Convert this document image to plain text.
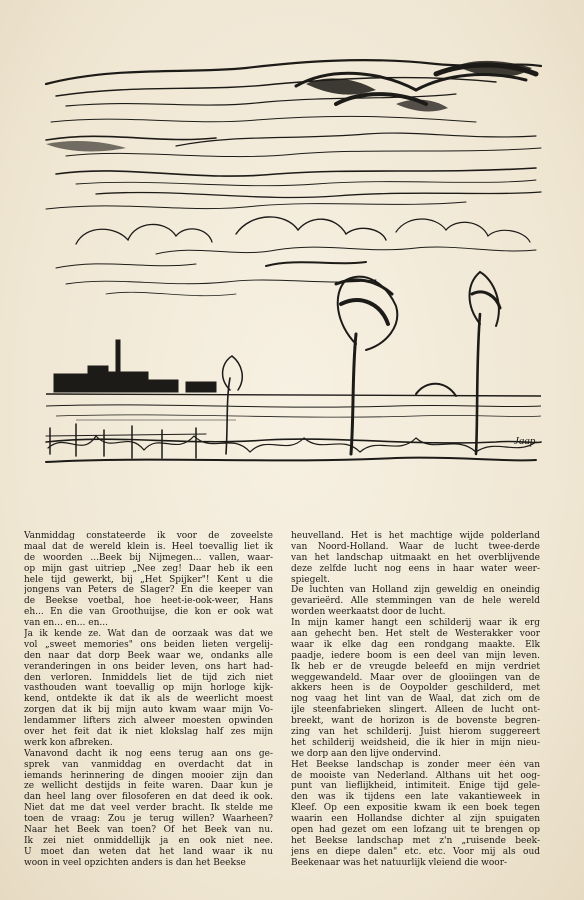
Jaap
Vanmiddag constateerde ik voor de zoveelste
maal dat de wereld klein is. Heel toevallig liet ik
de woorden ...Beek bij Nijmegen... vallen, waar-
op mijn gast uitriep „Nee zeg! Daar heb ik een
hele tijd gewerkt, bij „Het Spijker"! Kent u die
jongens van Peters de Slager? En die keeper van
de Beekse voetbal, hoe heet-ie-ook-weer, Hans
eh... En die van Groothuijse, die kon er ook wat
van en... en... en...
Ja ik kende ze. Wat dan de oorzaak was dat we
vol „sweet memories" ons beiden lieten vergelij-
den naar dat dorp Beek waar we, ondanks alle
veranderingen in ons beider leven, ons hart had-
den verloren. Inmiddels liet de tijd zich niet
vasthouden want toevallig op mijn horloge kijk-
kend, ontdekte ik dat ik als de weerlicht moest
zorgen dat ik bij mijn auto kwam waar mijn Vo-
lendammer lifters zich alweer moesten opwinden
over het feit dat ik niet klokslag half zes mijn
werk kon afbreken.
Vanavond dacht ik nog eens terug aan ons ge-
sprek van vanmiddag en overdacht dat in
iemands herinnering de dingen mooier zijn dan
ze wellicht destijds in feite waren. Daar kun je
dan heel lang over filosoferen en dat deed ik ook.
Niet dat me dat veel verder bracht. Ik stelde me
toen de vraag: Zou je terug willen? Waarheen?
Naar het Beek van toen? Of het Beek van nu.
Ik zei niet onmiddellijk ja en ook niet nee.
U moet dan weten dat het land waar ik nu
woon in veel opzichten anders is dan het Beekse
heuvelland. Het is het machtige wijde polderland
van Noord-Holland. Waar de lucht twee-derde
van het landschap uitmaakt en het overblijvende
deze zelfde lucht nog eens in haar water weer-
spiegelt.
De luchten van Holland zijn geweldig en oneindig
gevarieërd. Alle stemmingen van de hele wereld
worden weerkaatst door de lucht.
In mijn kamer hangt een schilderij waar ik erg
aan gehecht ben. Het stelt de Westerakker voor
waar ik elke dag een rondgang maakte. Elk
paadje, iedere boom is een deel van mijn leven.
Ik heb er de vreugde beleefd en mijn verdriet
weggewandeld. Maar over de glooiingen van de
akkers heen is de Ooypolder geschilderd, met
nog vaag het lint van de Waal, dat zich om de
ijle steenfabrieken slingert. Alleen de lucht ont-
breekt, want de horizon is de bovenste begren-
zing van het schilderij. Juist hierom suggereert
het schilderij weidsheid, die ik hier in mijn nieu-
we dorp aan den lijve ondervind.
Het Beekse landschap is zonder meer één van
de mooiste van Nederland. Althans uit het oog-
punt van lieflijkheid, intimiteit. Enige tijd gele-
den was ik tijdens een late vakantieweek in
Kleef. Op een expositie kwam ik een boek tegen
waarin een Hollandse dichter al zijn spuigaten
open had gezet om een lofzang uit te brengen op
het Beekse landschap met z'n „ruisende beek-
jens en diepe dalen" etc. etc. Voor mij als oud
Beekenaar was het natuurlijk vleiend die woor-
